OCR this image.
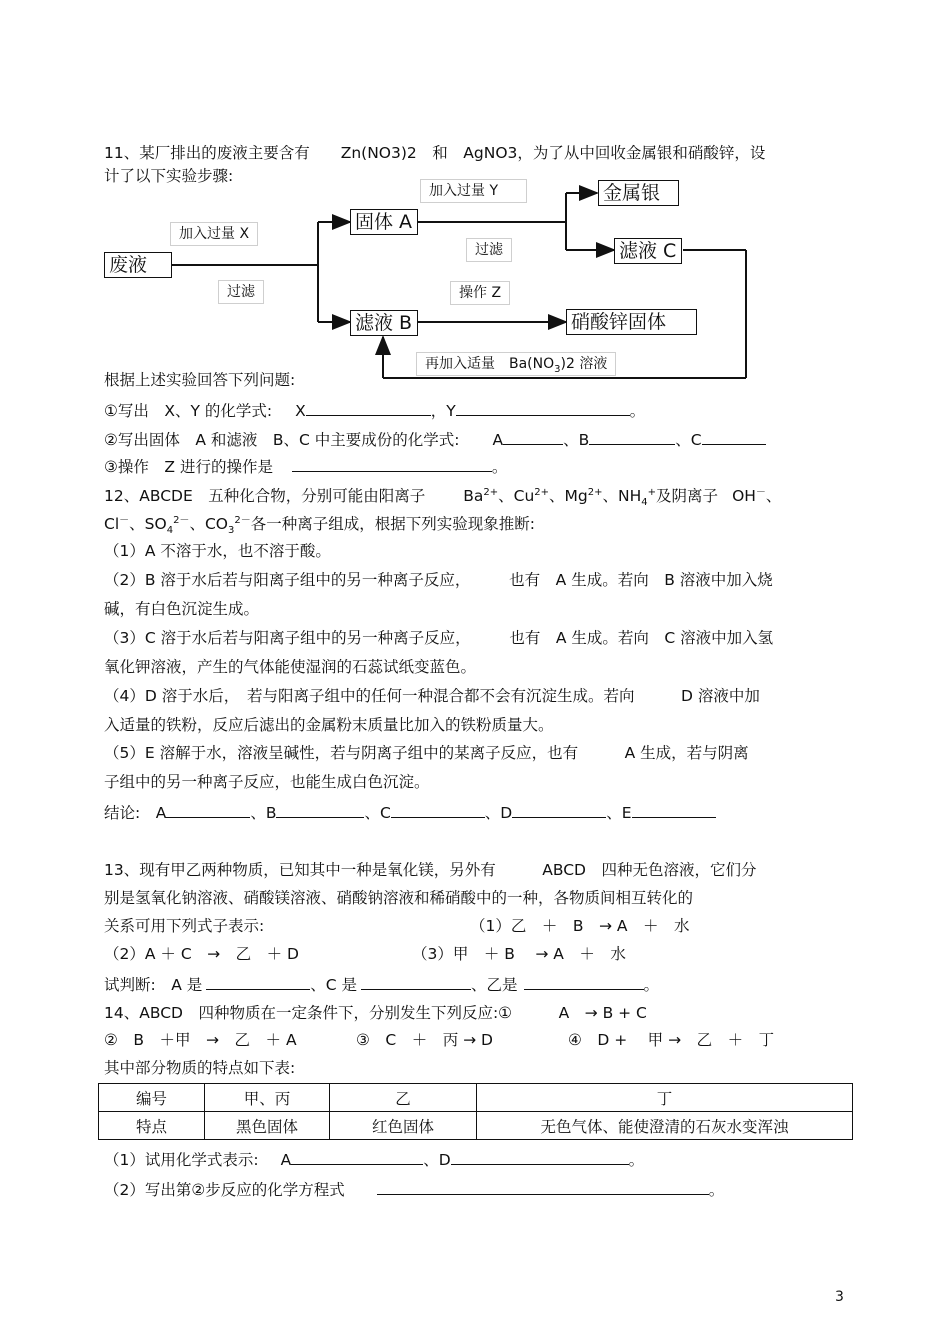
11、某厂排出的废液主要含有　　Zn(NO3)2　和　AgNO3，为了从中回收金属银和硝酸锌，设
计了以下实验步骤:
加入过量 X
过滤
加入过量 Y
过滤
操作 Z
再加入适量　$Ba(NO_3)2$ 溶液
废液
固体 A
滤液 B
金属银
滤液 C
硝酸锌固体
根据上述实验回答下列问题:
①写出　X、Y 的化学式: X	，Y	。
②写出固体　A 和滤液　B、C 中主要成份的化学式: A	、B	、C
③操作　Z 进行的操作是	。
12、ABCDE　五种化合物，分别可能由阳离子 $Ba^{2+}$、$Cu^{2+}$、$Mg^{2+}$、$NH_4^+$及阴离子 OH－、
Cl－、$SO_4^{2-}$、$CO_3^{2-}$各一种离子组成，根据下列实验现象推断:
（1）A 不溶于水，也不溶于酸。
（2）B 溶于水后若与阳离子组中的另一种离子反应，　　　也有　A 生成。若向　B 溶液中加入烧
碱，有白色沉淀生成。
（3）C 溶于水后若与阳离子组中的另一种离子反应，　　　也有　A 生成。若向　C 溶液中加入氢
氧化钾溶液，产生的气体能使湿润的石蕊试纸变蓝色。
（4）D 溶于水后，　若与阳离子组中的任何一种混合都不会有沉淀生成。若向　　　D 溶液中加
入适量的铁粉，反应后滤出的金属粉末质量比加入的铁粉质量大。
（5）E 溶解于水，溶液呈碱性，若与阴离子组中的某离子反应，也有　　　A 生成，若与阴离
子组中的另一种离子反应，也能生成白色沉淀。
结论:　A	、B	、C	、D	、E
13、现有甲乙两种物质，已知其中一种是氧化镁，另外有　　　ABCD　四种无色溶液，它们分
别是氢氧化钠溶液、硝酸镁溶液、硝酸钠溶液和稀硝酸中的一种，各物质间相互转化的
关系可用下列式子表示:	（1）乙　＋　B　→ A　＋　水
（2）A ＋ C　→　乙　＋ D	（3）甲　＋ B　 → A　＋　水
试判断:　A 是	、C 是	、乙是	。
14、ABCD　四种物质在一定条件下，分别发生下列反应:①　　　A　→ B + C
②　B　＋甲　→　乙　＋ A	③　C　＋　丙 → D	④　D +　 甲 →　乙　＋　丁
其中部分物质的特点如下表:
编号	甲、丙	乙	丁
特点	黑色固体	红色固体	无色气体、能使澄清的石灰水变浑浊
（1）试用化学式表示: A	、D	。
（2）写出第②步反应的化学方程式	。
3
